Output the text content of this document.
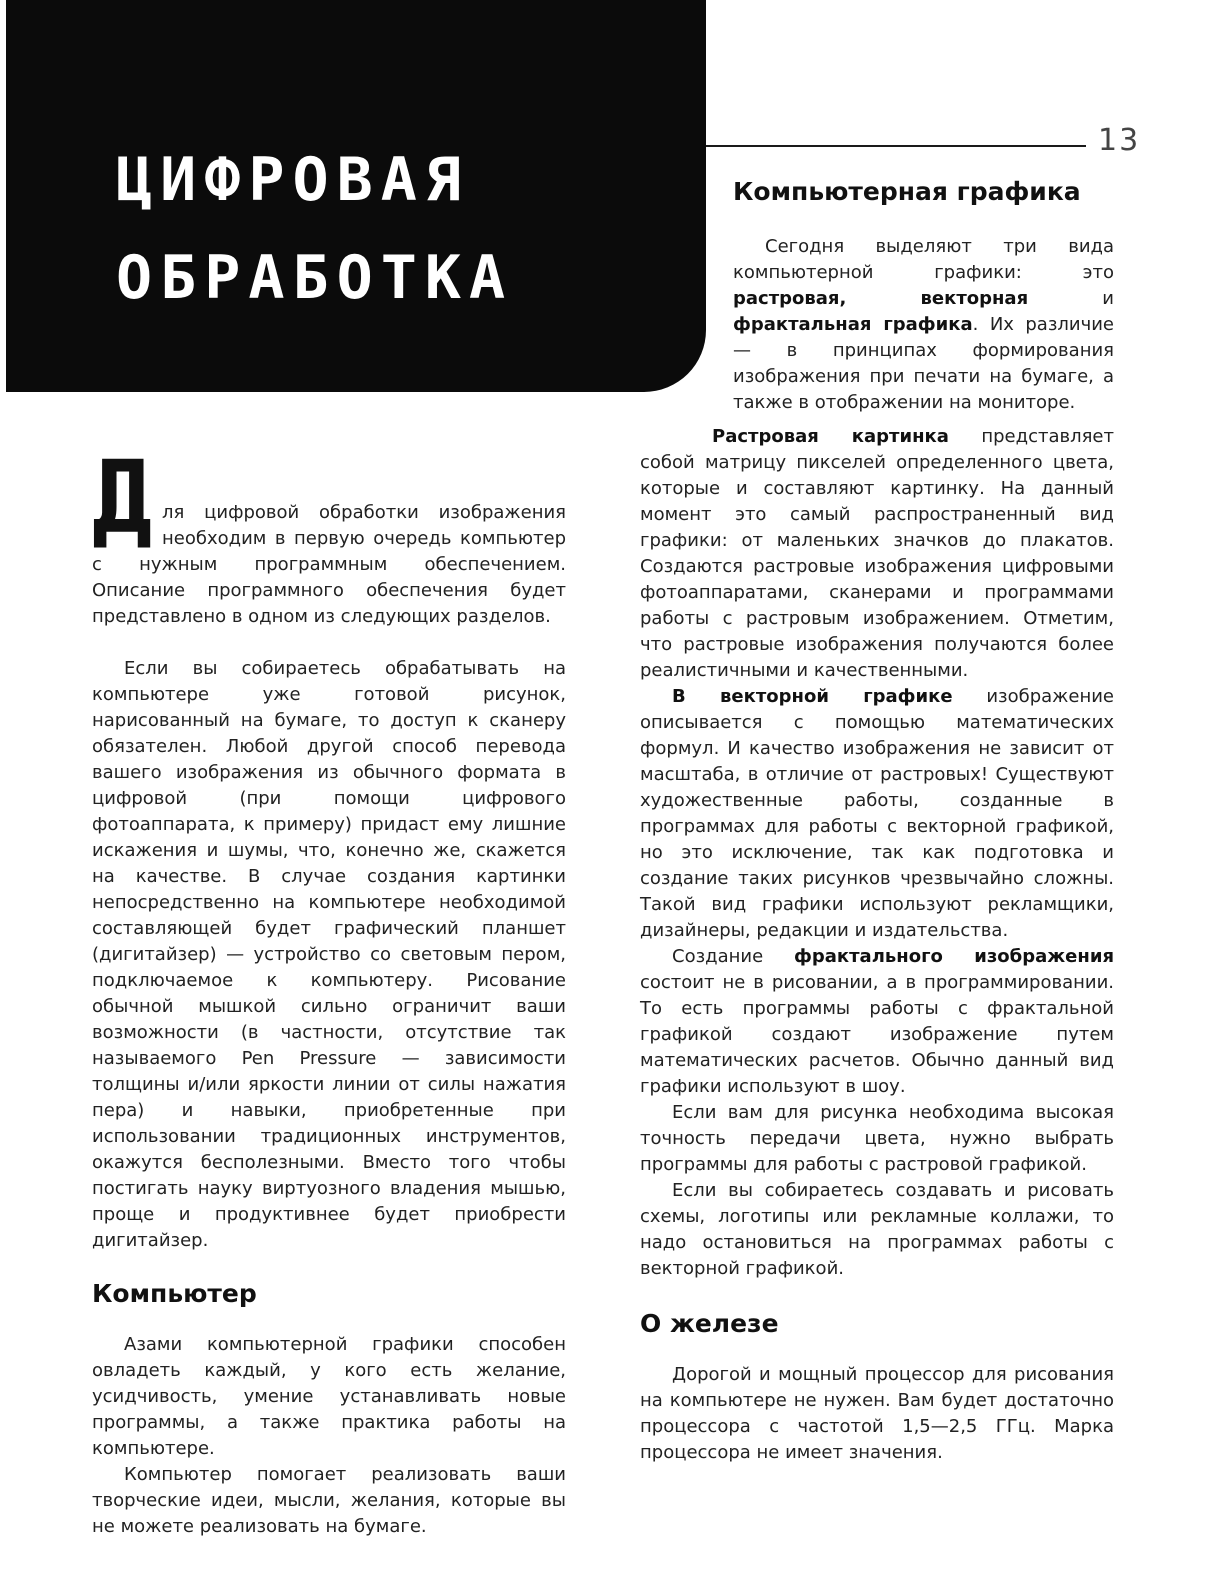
ЦИФРОВАЯ
ОБРАБОТКА
13
Компьютерная графика

Сегодня выделяют три вида компьютерной графики: это растровая,	векторная и фрактальная графика. Их различие — в принципах формирования изображения при печати на бумаге, а также в отображении на мониторе.

Растровая картинка представляет собой матрицу пикселей определенного цвета, которые и составляют картинку. На данный момент это самый распространенный вид графики: от маленьких значков до плакатов. Создаются растровые изображения цифровыми фотоаппаратами, сканерами и программами работы с растровым изображением. Отметим, что растровые изображения получаются более реалистичными и качественными.

В векторной графике изображение описывается с помощью математических формул. И качество изображения не зависит от масштаба, в отличие от растровых! Существуют художественные работы, созданные в программах для работы с векторной графикой, но это исключение, так как подготовка и создание таких рисунков чрезвычайно сложны. Такой вид графики используют рекламщики, дизайнеры, редакции и издательства.

Создание фрактального изображения состоит не в рисовании, а в программировании. То есть программы работы с фрактальной графикой создают изображение путем математических расчетов. Обычно данный вид графики используют в шоу.

Если вам для рисунка необходима высокая точность передачи цвета, нужно выбрать программы для работы с растровой графикой.

Если вы собираетесь создавать и рисовать схемы, логотипы или рекламные коллажи, то надо остановиться на программах работы с векторной графикой.

О железе

Дорогой и мощный процессор для рисования на компьютере не нужен. Вам будет достаточно процессора с частотой 1,5—2,5 ГГц. Марка процессора не имеет значения.

Д ля цифровой обработки изображения необходим в первую очередь компьютер с нужным программным обеспечением. Описание программного обеспечения будет представлено в одном из следующих разделов.

Если вы собираетесь обрабатывать на компьютере уже готовой рисунок, нарисованный на бумаге, то доступ к сканеру обязателен. Любой другой способ перевода вашего изображения из обычного формата в цифровой (при помощи цифрового фотоаппарата, к примеру) придаст ему лишние искажения и шумы, что, конечно же, скажется на качестве. В случае создания картинки непосредственно на компьютере необходимой составляющей будет графический планшет (дигитайзер) — устройство со световым пером, подключаемое к компьютеру. Рисование обычной мышкой сильно ограничит ваши возможности (в частности, отсутствие так называемого Pen Pressure — зависимости толщины и/или яркости линии от силы нажатия пера) и навыки, приобретенные при использовании традиционных инструментов, окажутся бесполезными. Вместо того чтобы постигать науку виртуозного владения мышью, проще и продуктивнее будет приобрести дигитайзер.

Компьютер

Азами компьютерной графики способен овладеть каждый, у кого есть желание, усидчивость, умение устанавливать новые программы, а также практика работы на компьютере.

Компьютер помогает реализовать ваши творческие идеи, мысли, желания, которые вы не можете реализовать на бумаге.
